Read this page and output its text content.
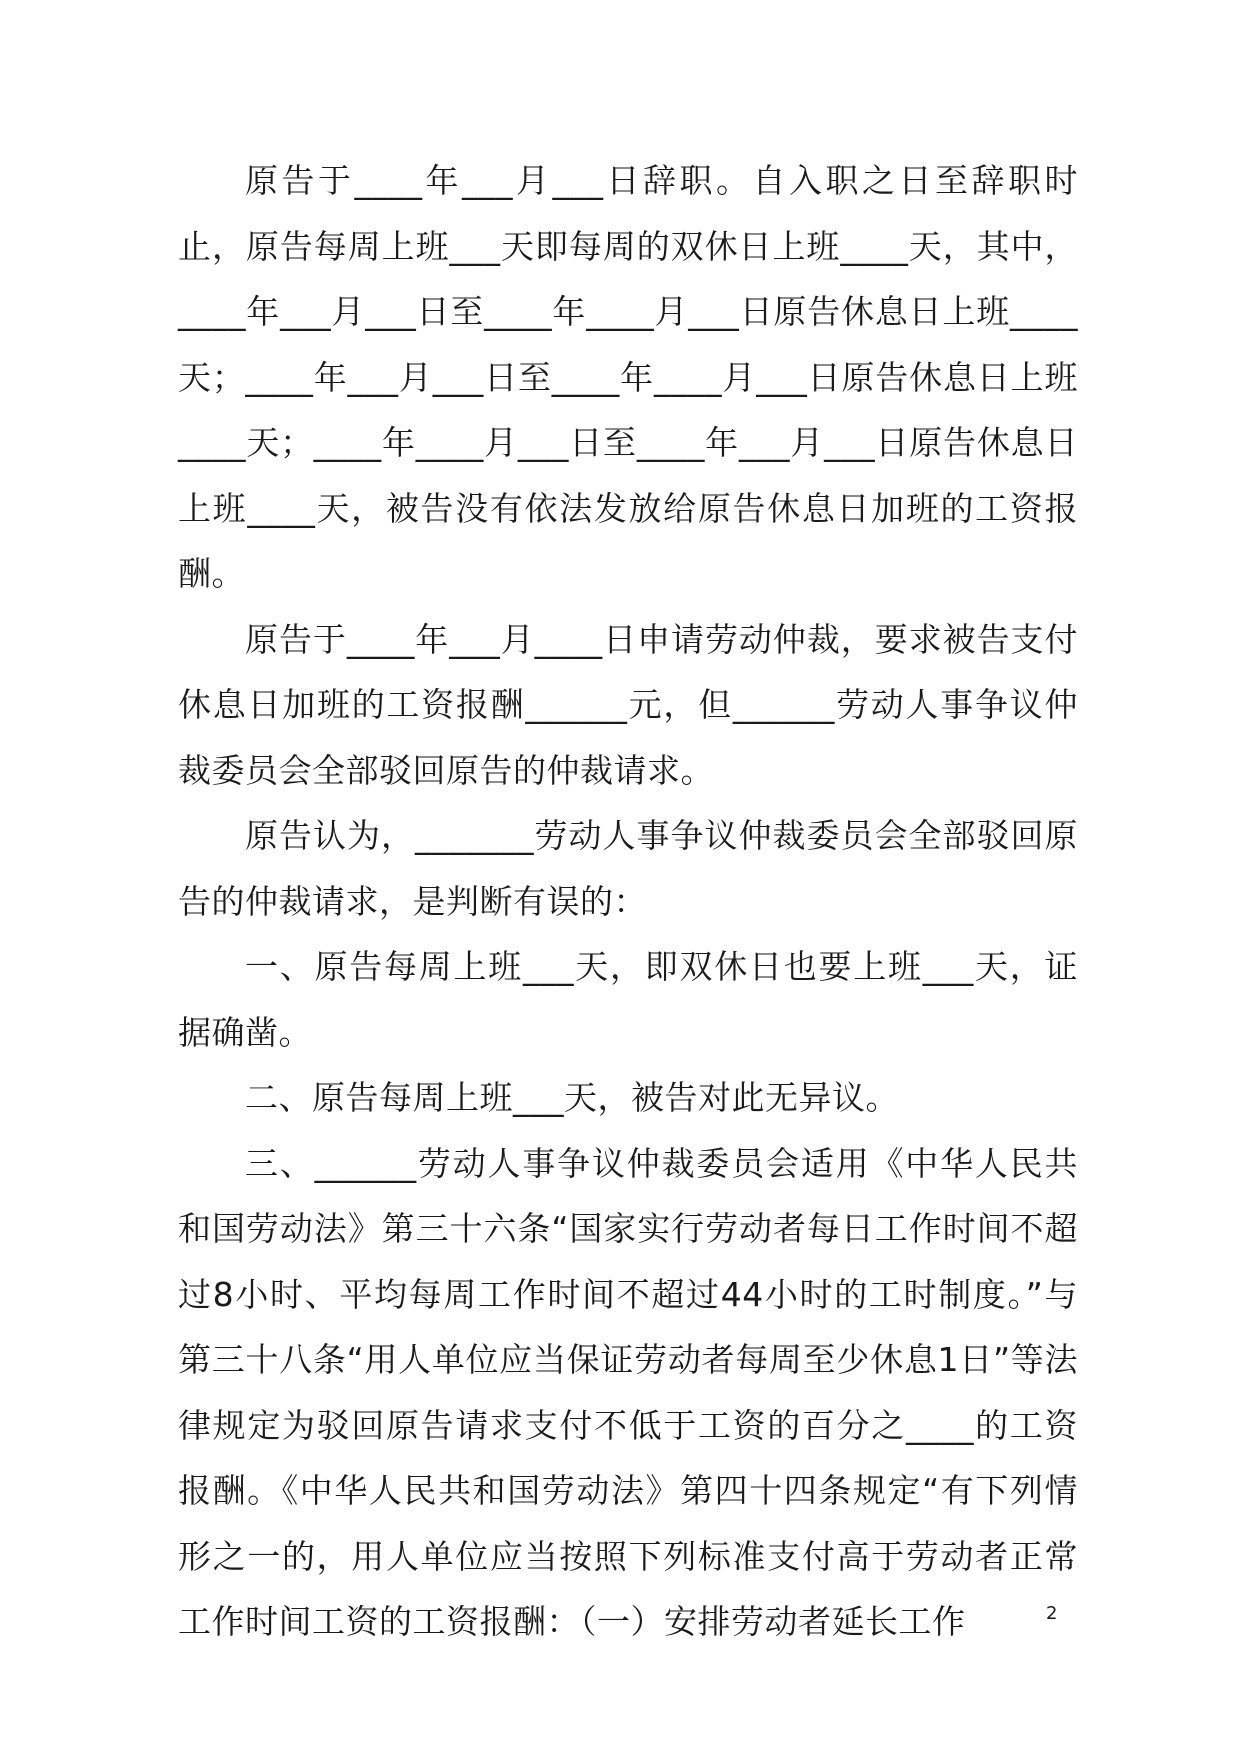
原告于____年___月___日辞职。自入职之日至辞职时止，原告每周上班___天即每周的双休日上班____天，其中，____年___月___日至____年____月___日原告休息日上班____天；____年___月___日至____年____月___日原告休息日上班____天；____年____月___日至____年___月___日原告休息日上班____天，被告没有依法发放给原告休息日加班的工资报酬。

原告于____年___月____日申请劳动仲裁，要求被告支付休息日加班的工资报酬______元，但______劳动人事争议仲裁委员会全部驳回原告的仲裁请求。

原告认为，_______劳动人事争议仲裁委员会全部驳回原告的仲裁请求，是判断有误的：

一、原告每周上班___天，即双休日也要上班___天，证据确凿。

二、原告每周上班___天，被告对此无异议。

三、______劳动人事争议仲裁委员会适用《中华人民共和国劳动法》第三十六条“国家实行劳动者每日工作时间不超过8小时、平均每周工作时间不超过44小时的工时制度。”与第三十八条“用人单位应当保证劳动者每周至少休息1日”等法律规定为驳回原告请求支付不低于工资的百分之____的工资报酬。《中华人民共和国劳动法》第四十四条规定“有下列情形之一的，用人单位应当按照下列标准支付高于劳动者正常工作时间工资的工资报酬：（一）安排劳动者延长工作	2
